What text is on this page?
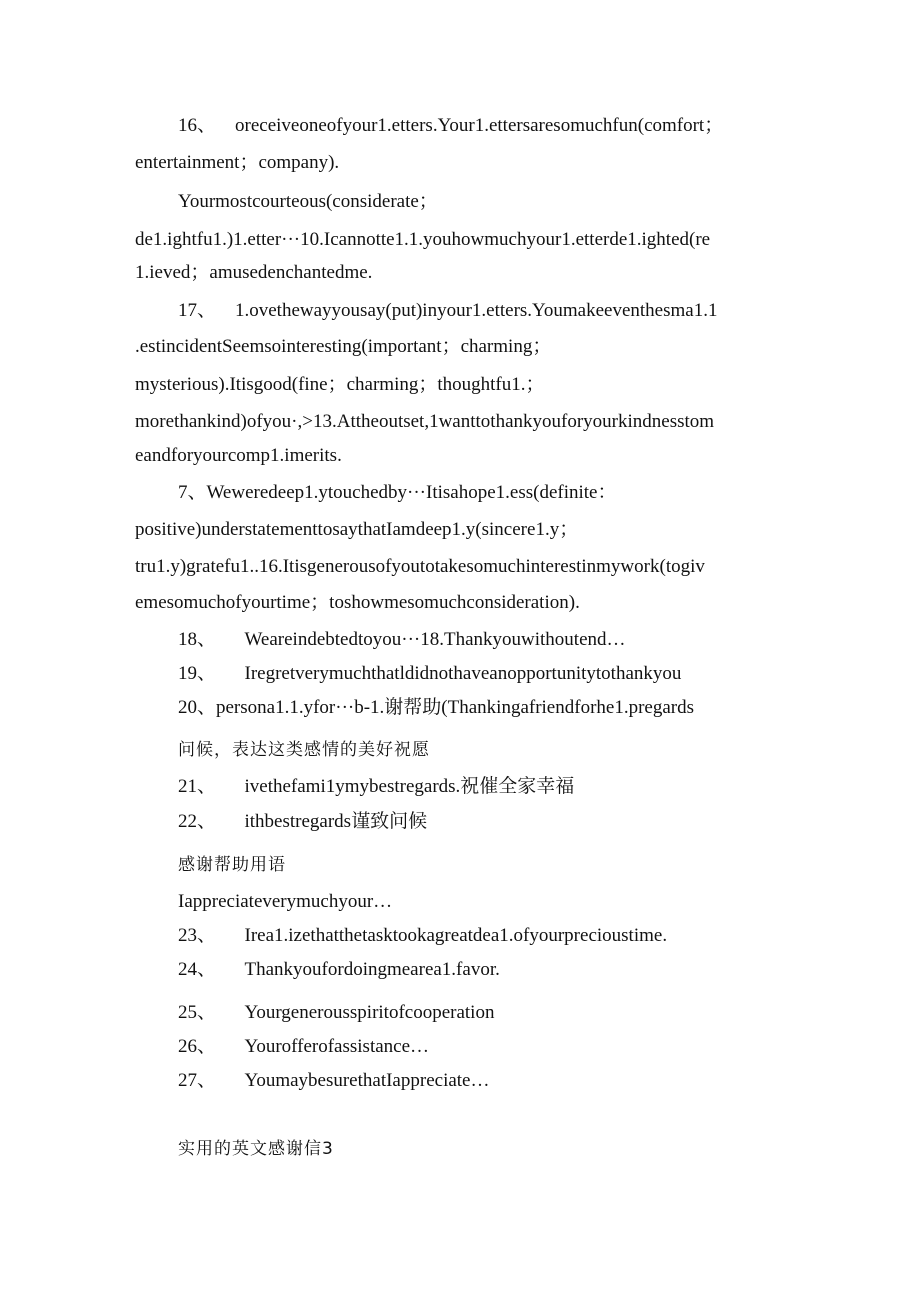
16、 oreceiveoneofyour1.etters.Your1.ettersaresomuchfun(comfort；
entertainment；company).
Yourmostcourteous(considerate；
de1.ightfu1.)1.etter···10.Icannotte1.1.youhowmuchyour1.etterde1.ighted(re
1.ieved；amusedenchantedme.
17、 1.ovethewayyousay(put)inyour1.etters.Youmakeeventhesma1.1
.estincidentSeemsointeresting(important；charming；
mysterious).Itisgood(fine；charming；thoughtfu1.；
morethankind)ofyou·,>13.Attheoutset,1wanttothankyouforyourkindnesstom
eandforyourcomp1.imerits.
7、Weweredeep1.ytouchedby···Itisahope1.ess(definite：
positive)understatementtosaythatIamdeep1.y(sincere1.y；
tru1.y)gratefu1..16.Itisgenerousofyoutotakesomuchinterestinmywork(togiv
emesomuchofyourtime；toshowmesomuchconsideration).
18、  Weareindebtedtoyou···18.Thankyouwithoutend…
19、  Iregretverymuchthatldidnothaveanopportunitytothankyou
20、persona1.1.yfor···b-1.谢帮助(Thankingafriendforhe1.pregards
问候，表达这类感情的美好祝愿
21、  ivethefami1ymybestregards.祝催全家幸福
22、  ithbestregards谨致问候
感谢帮助用语
Iappreciateverymuchyour…
23、  Irea1.izethatthetasktookagreatdea1.ofyourprecioustime.
24、  Thankyoufordoingmearea1.favor.
25、  Yourgenerousspiritofcooperation
26、  Yourofferofassistance…
27、  YoumaybesurethatIappreciate…
实用的英文感谢信3
